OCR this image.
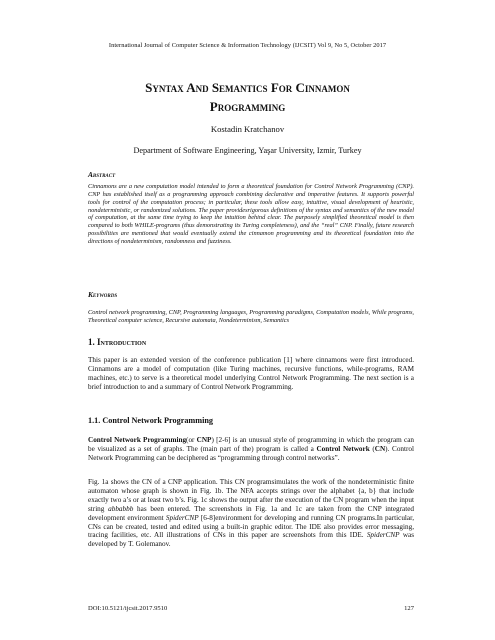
International Journal of Computer Science & Information Technology (IJCSIT) Vol 9, No 5, October 2017
Syntax And Semantics For Cinnamon
Programming
Kostadin Kratchanov
Department of Software Engineering, Yaşar University, Izmir, Turkey
Abstract
Cinnamons are a new computation model intended to form a theoretical foundation for Control Network Programming (CNP). CNP has established itself as a programming approach combining declarative and imperative features. It supports powerful tools for control of the computation process; in particular, these tools allow easy, intuitive, visual development of heuristic, nondeterministic, or randomized solutions. The paper providesrigorous definitions of the syntax and semantics of the new model of computation, at the same time trying to keep the intuition behind clear. The purposely simplified theoretical model is then compared to both WHILE-programs (thus demonstrating its Turing completeness), and the “real” CNP. Finally, future research possibilities are mentioned that would eventually extend the cinnamon programming and its theoretical foundation into the directions of nondeterminism, randomness and fuzziness.
Keywords
Control network programming, CNP, Programming languages, Programming paradigms, Computation models, While programs, Theoretical computer science, Recursive automata, Nondeterminism, Semantics
1. Introduction
This paper is an extended version of the conference publication [1] where cinnamons were first introduced. Cinnamons are a model of computation (like Turing machines, recursive functions, while-programs, RAM machines, etc.) to serve is a theoretical model underlying Control Network Programming. The next section is a brief introduction to and a summary of Control Network Programming.
1.1. Control Network Programming
Control Network Programming(or CNP) [2-6] is an unusual style of programming in which the program can be visualized as a set of graphs. The (main part of the) program is called a Control Network (CN). Control Network Programming can be deciphered as “programming through control networks”.
Fig. 1a shows the CN of a CNP application. This CN programsimulates the work of the nondeterministic finite automaton whose graph is shown in Fig. 1b. The NFA accepts strings over the alphabet {a, b} that include exactly two a’s or at least two b’s. Fig. 1c shows the output after the execution of the CN program when the input string abbabbb has been entered. The screenshots in Fig. 1a and 1c are taken from the CNP integrated development environment SpiderCNP [6-8]environment for developing and running CN programs.In particular, CNs can be created, tested and edited using a built-in graphic editor. The IDE also provides error messaging, tracing facilities, etc. All illustrations of CNs in this paper are screenshots from this IDE. SpiderCNP was developed by T. Golemanov.
DOI:10.5121/ijcsit.2017.9510	127
